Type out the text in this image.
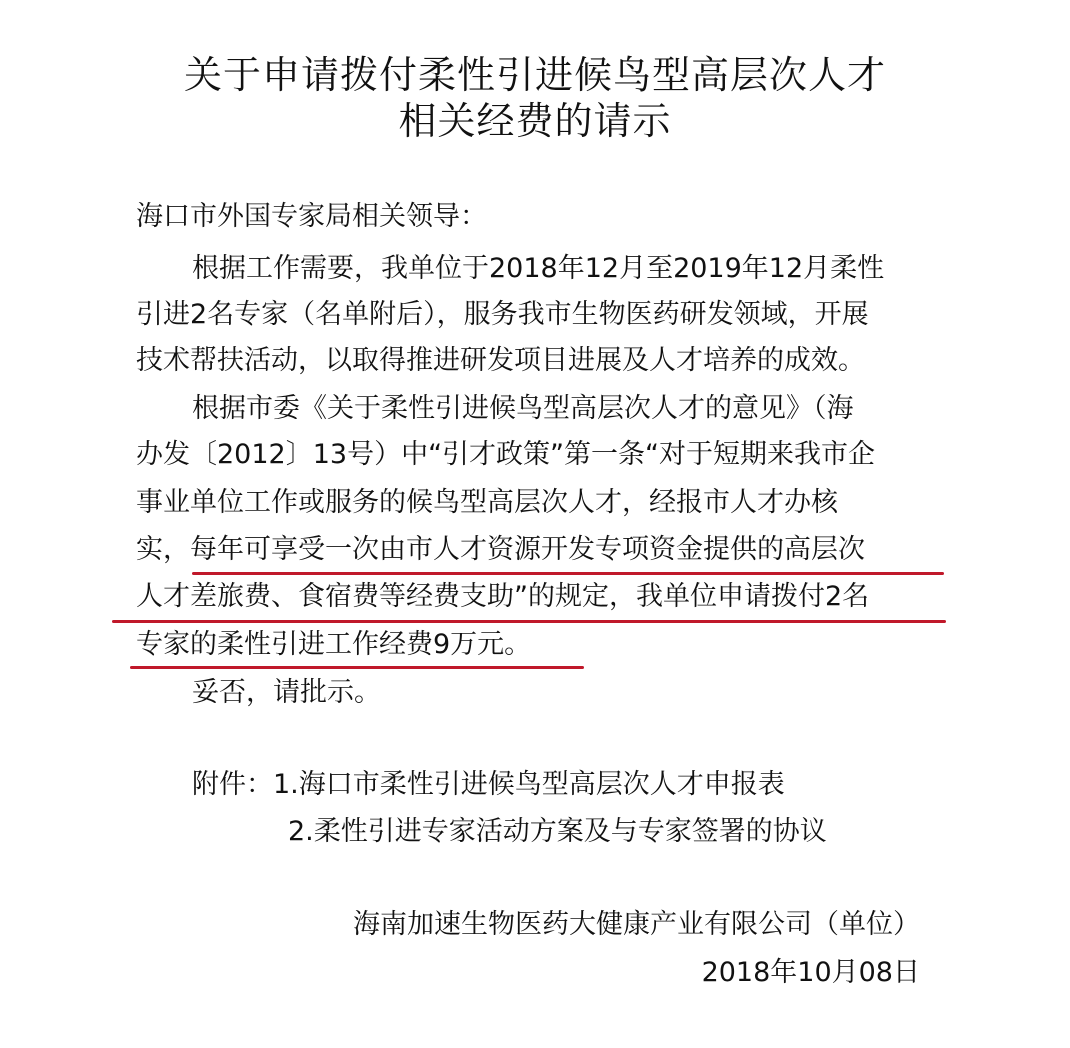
关于申请拨付柔性引进候鸟型高层次人才
相关经费的请示
海口市外国专家局相关领导：
根据工作需要，我单位于2018年12月至2019年12月柔性
引进2名专家（名单附后），服务我市生物医药研发领域，开展
技术帮扶活动，以取得推进研发项目进展及人才培养的成效。
根据市委《关于柔性引进候鸟型高层次人才的意见》（海
办发〔2012〕13号）中“引才政策”第一条“对于短期来我市企
事业单位工作或服务的候鸟型高层次人才，经报市人才办核
实，每年可享受一次由市人才资源开发专项资金提供的高层次
人才差旅费、食宿费等经费支助”的规定，我单位申请拨付2名
专家的柔性引进工作经费9万元。
妥否，请批示。
附件：1.海口市柔性引进候鸟型高层次人才申报表
2.柔性引进专家活动方案及与专家签署的协议
海南加速生物医药大健康产业有限公司（单位）
2018年10月08日
